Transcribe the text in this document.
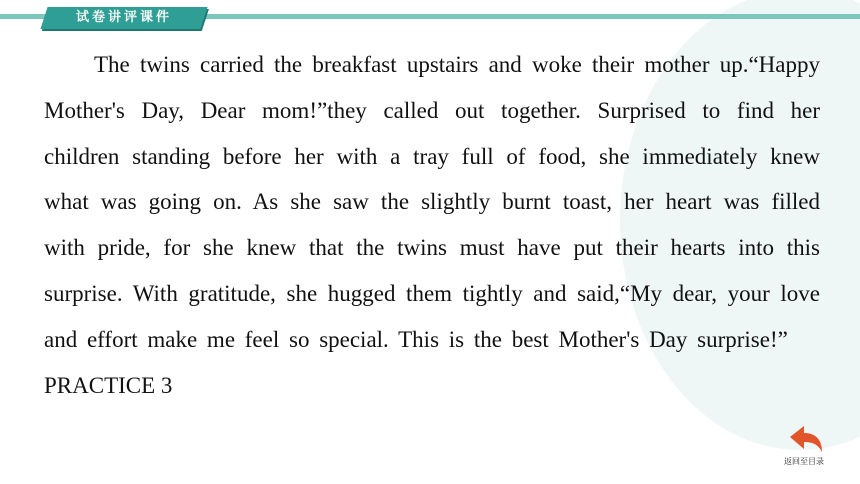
试卷讲评课件

The twins carried the breakfast upstairs and woke their mother up.“Happy Mother's Day, Dear mom!”they called out together. Surprised to find her children standing before her with a tray full of food, she immediately knew what was going on. As she saw the slightly burnt toast, her heart was filled with pride, for she knew that the twins must have put their hearts into this surprise. With gratitude, she hugged them tightly and said,“My dear, your love and effort make me feel so special. This is the best Mother's Day surprise!”

PRACTICE 3

返回至目录
